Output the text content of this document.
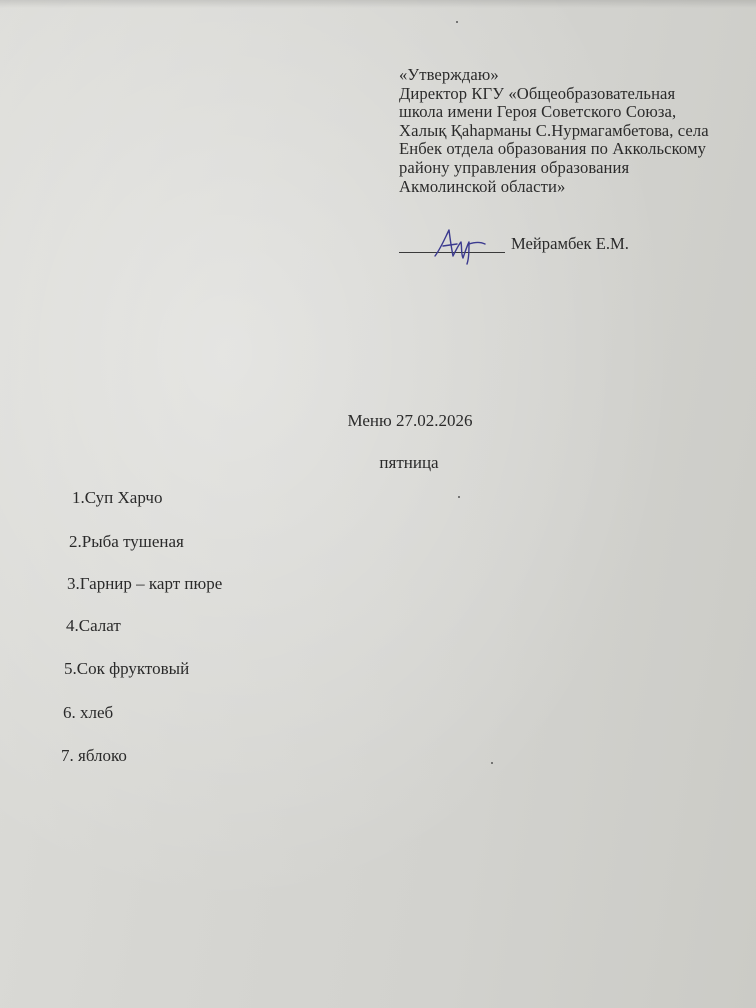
«Утверждаю»
Директор КГУ «Общеобразовательная
школа имени Героя Советского Союза,
Халық Қаһарманы С.Нурмагамбетова, села
Енбек отдела образования по Аккольскому
району управления образования
Акмолинской области»
Мейрамбек Е.М.
Меню 27.02.2026
пятница
1.Суп Харчо
2.Рыба тушеная
3.Гарнир – карт пюре
4.Салат
5.Сок фруктовый
6. хлеб
7. яблоко
